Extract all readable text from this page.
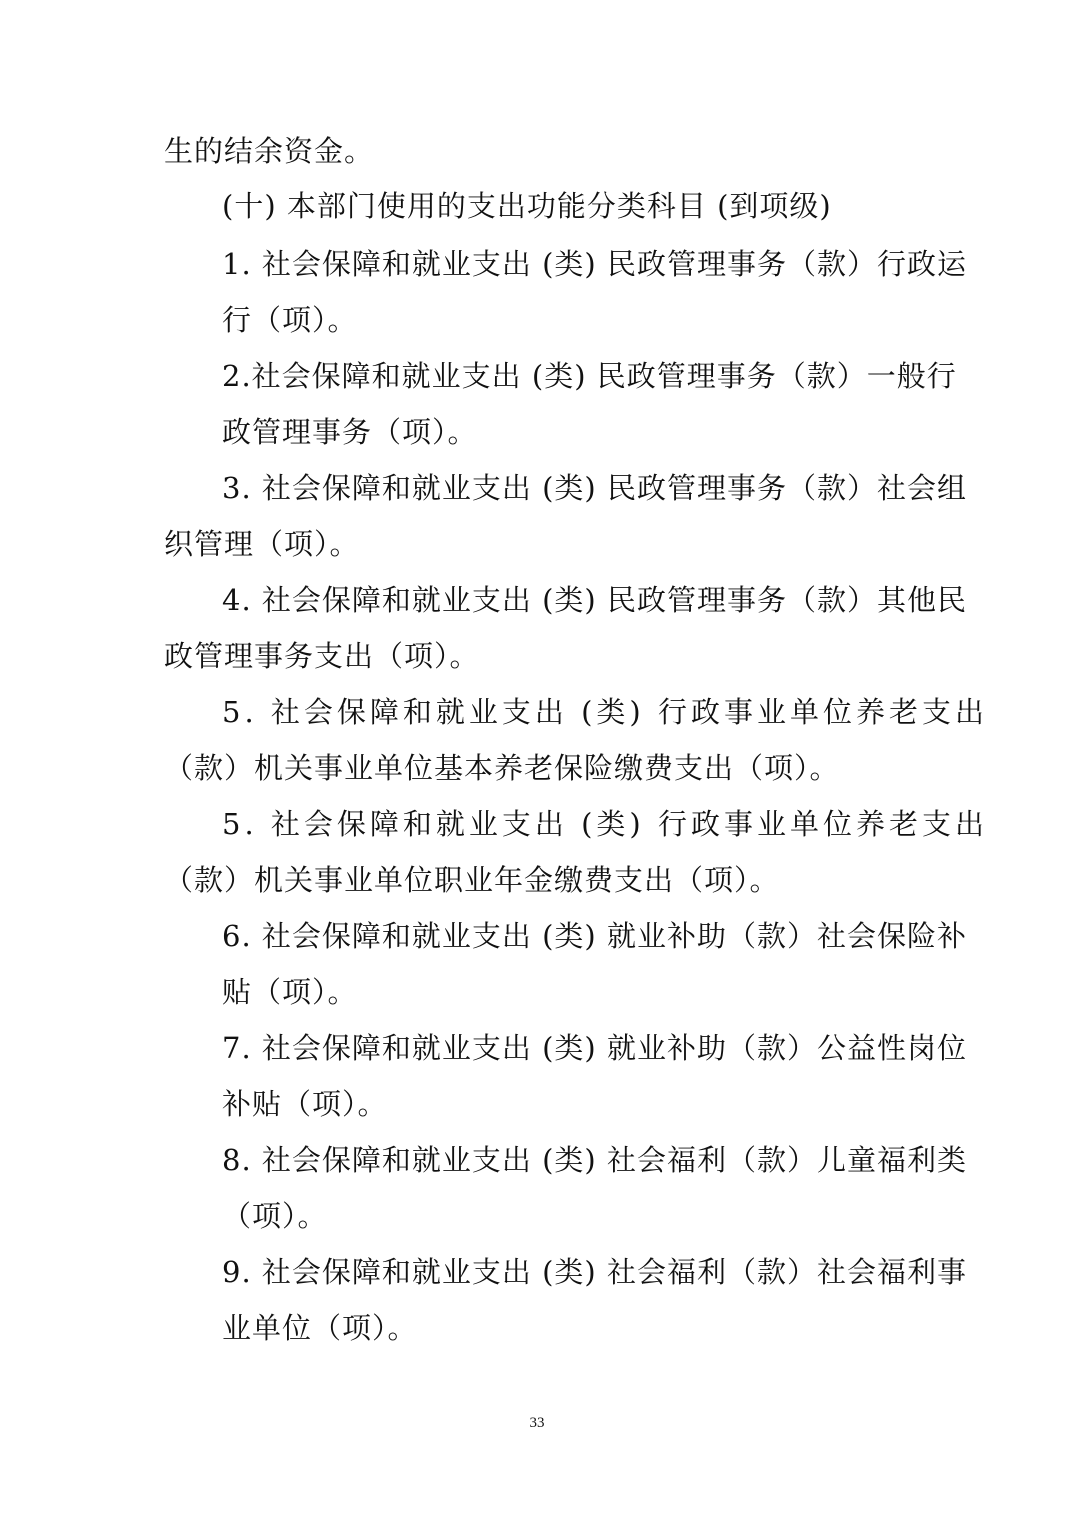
生的结余资金。
(十) 本部门使用的支出功能分类科目 (到项级)
1. 社会保障和就业支出 (类) 民政管理事务（款）行政运
行（项）。
2.社会保障和就业支出 (类) 民政管理事务（款）一般行
政管理事务（项）。
3. 社会保障和就业支出 (类) 民政管理事务（款）社会组
织管理（项）。
4. 社会保障和就业支出 (类) 民政管理事务（款）其他民
政管理事务支出（项）。
5. 社会保障和就业支出 (类) 行政事业单位养老支出
（款）机关事业单位基本养老保险缴费支出（项）。
5. 社会保障和就业支出 (类) 行政事业单位养老支出
（款）机关事业单位职业年金缴费支出（项）。
6. 社会保障和就业支出 (类) 就业补助（款）社会保险补
贴（项）。
7. 社会保障和就业支出 (类) 就业补助（款）公益性岗位
补贴（项）。
8. 社会保障和就业支出 (类) 社会福利（款）儿童福利类
（项）。
9. 社会保障和就业支出 (类) 社会福利（款）社会福利事
业单位（项）。
33
